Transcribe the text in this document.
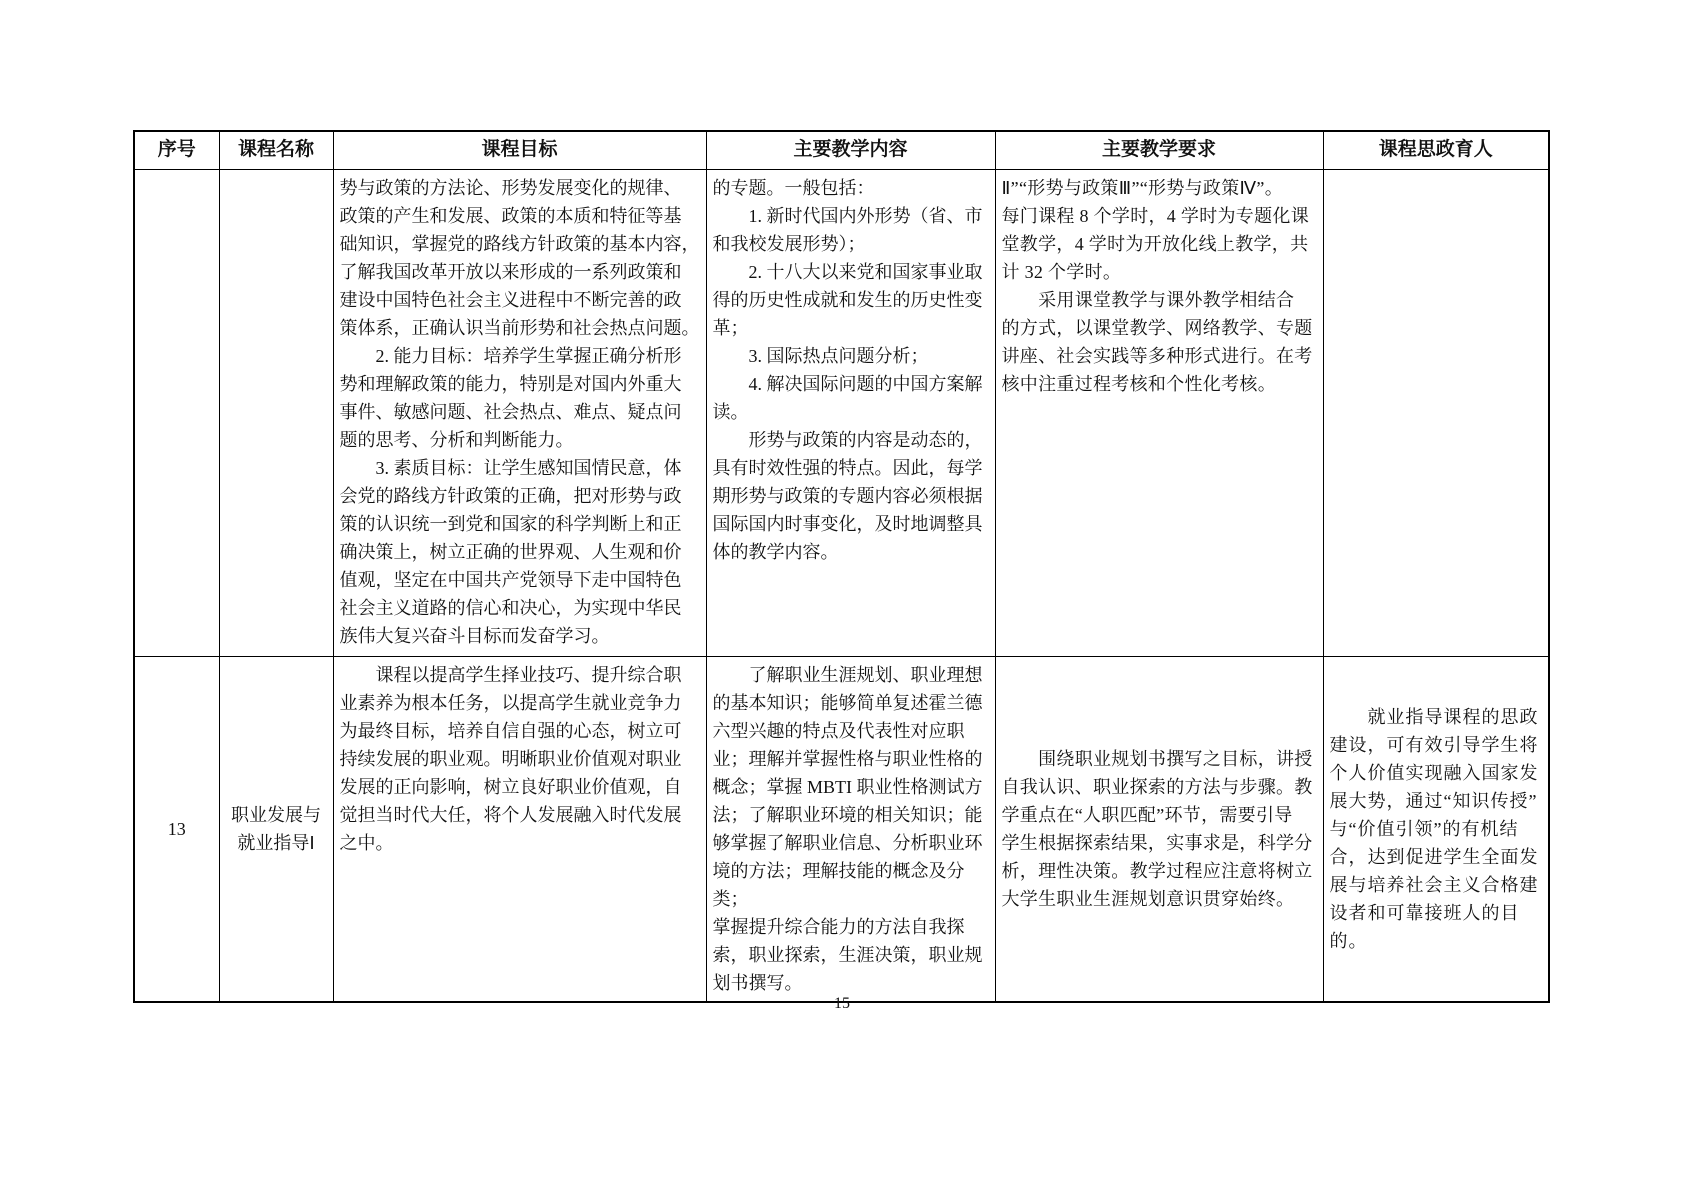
序号	课程名称	课程目标	主要教学内容	主要教学要求	课程思政育人
		势与政策的方法论、形势发展变化的规律、
政策的产生和发展、政策的本质和特征等基
础知识，掌握党的路线方针政策的基本内容，
了解我国改革开放以来形成的一系列政策和
建设中国特色社会主义进程中不断完善的政
策体系，正确认识当前形势和社会热点问题。
　　2. 能力目标：培养学生掌握正确分析形
势和理解政策的能力，特别是对国内外重大
事件、敏感问题、社会热点、难点、疑点问
题的思考、分析和判断能力。
　　3. 素质目标：让学生感知国情民意，体
会党的路线方针政策的正确，把对形势与政
策的认识统一到党和国家的科学判断上和正
确决策上，树立正确的世界观、人生观和价
值观，坚定在中国共产党领导下走中国特色
社会主义道路的信心和决心，为实现中华民
族伟大复兴奋斗目标而发奋学习。	的专题。一般包括：
　　1. 新时代国内外形势（省、市
和我校发展形势）；
　　2. 十八大以来党和国家事业取
得的历史性成就和发生的历史性变
革；
　　3. 国际热点问题分析；
　　4. 解决国际问题的中国方案解
读。
　　形势与政策的内容是动态的，
具有时效性强的特点。因此，每学
期形势与政策的专题内容必须根据
国际国内时事变化，及时地调整具
体的教学内容。	Ⅱ”“形势与政策Ⅲ”“形势与政策Ⅳ”。
每门课程 8 个学时，4 学时为专题化课
堂教学，4 学时为开放化线上教学，共
计 32 个学时。
　　采用课堂教学与课外教学相结合
的方式，以课堂教学、网络教学、专题
讲座、社会实践等多种形式进行。在考
核中注重过程考核和个性化考核。	
13	职业发展与
就业指导Ⅰ	　　课程以提高学生择业技巧、提升综合职
业素养为根本任务，以提高学生就业竞争力
为最终目标，培养自信自强的心态，树立可
持续发展的职业观。明晰职业价值观对职业
发展的正向影响，树立良好职业价值观，自
觉担当时代大任，将个人发展融入时代发展
之中。	　　了解职业生涯规划、职业理想
的基本知识；能够简单复述霍兰德
六型兴趣的特点及代表性对应职
业；理解并掌握性格与职业性格的
概念；掌握 MBTI 职业性格测试方
法；了解职业环境的相关知识；能
够掌握了解职业信息、分析职业环
境的方法；理解技能的概念及分类；
掌握提升综合能力的方法自我探
索，职业探索，生涯决策，职业规
划书撰写。	　　围绕职业规划书撰写之目标，讲授
自我认识、职业探索的方法与步骤。教
学重点在“人职匹配”环节，需要引导
学生根据探索结果，实事求是，科学分
析，理性决策。教学过程应注意将树立
大学生职业生涯规划意识贯穿始终。	　　就业指导课程的思政
建设，可有效引导学生将
个人价值实现融入国家发
展大势，通过“知识传授”
与“价值引领”的有机结
合，达到促进学生全面发
展与培养社会主义合格建
设者和可靠接班人的目
的。
15
